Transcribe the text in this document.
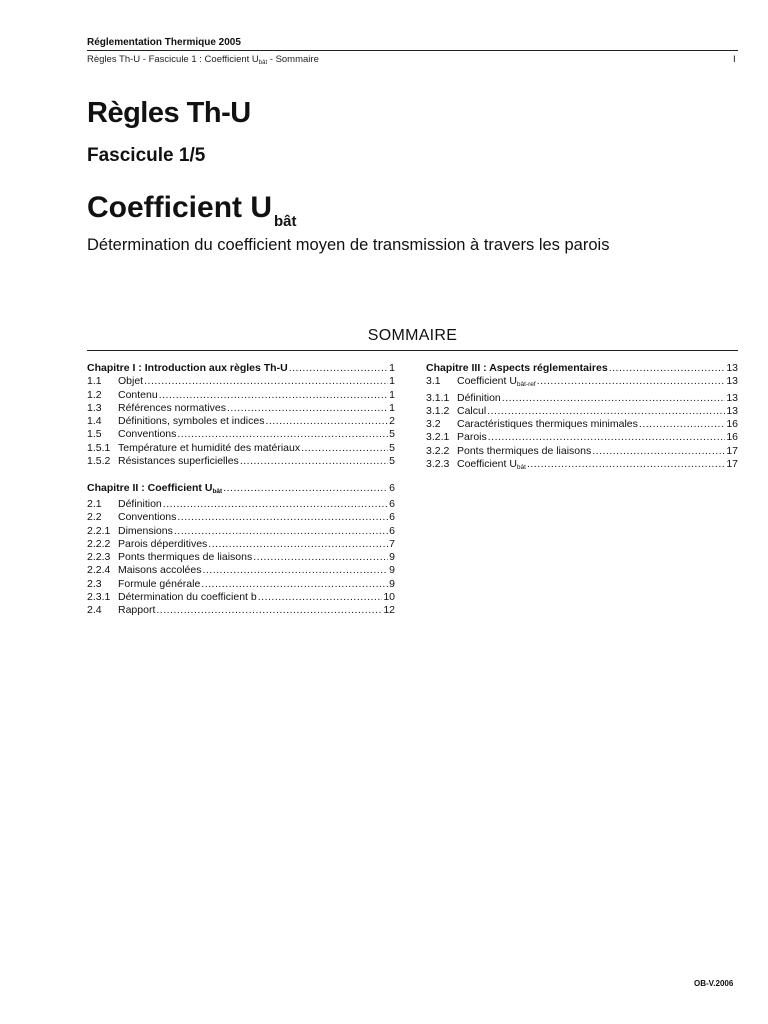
Réglementation Thermique 2005
Règles Th-U - Fascicule 1 : Coefficient $U_{bât}$ - Sommaire	I
Règles Th-U
Fascicule 1/5
Coefficient U $_{bât}$
Détermination du coefficient moyen de transmission à travers les parois
SOMMAIRE
Chapitre I : Introduction aux règles Th-U .....	1
1.1	Objet .....	1
1.2	Contenu .....	1
1.3	Références normatives .....	1
1.4	Définitions, symboles et indices .....	2
1.5	Conventions .....	5
1.5.1 Température et humidité des matériaux .....	5
1.5.2 Résistances superficielles .....	5
Chapitre II : Coefficient $U_{bât}$ .....	6
2.1	Définition .....	6
2.2	Conventions .....	6
2.2.1 Dimensions .....	6
2.2.2 Parois déperditives .....	7
2.2.3 Ponts thermiques de liaisons .....	9
2.2.4 Maisons accolées .....	9
2.3	Formule générale .....	9
2.3.1 Détermination du coefficient b .....	10
2.4	Rapport .....	12
Chapitre III : Aspects réglementaires .....	13
3.1	Coefficient $U_{bât-ref}$ .....	13
3.1.1 Définition .....	13
3.1.2 Calcul .....	13
3.2	Caractéristiques thermiques minimales .....	16
3.2.1 Parois .....	16
3.2.2 Ponts thermiques de liaisons .....	17
3.2.3 Coefficient $U_{bât}$ .....	17
OB-V.2006
